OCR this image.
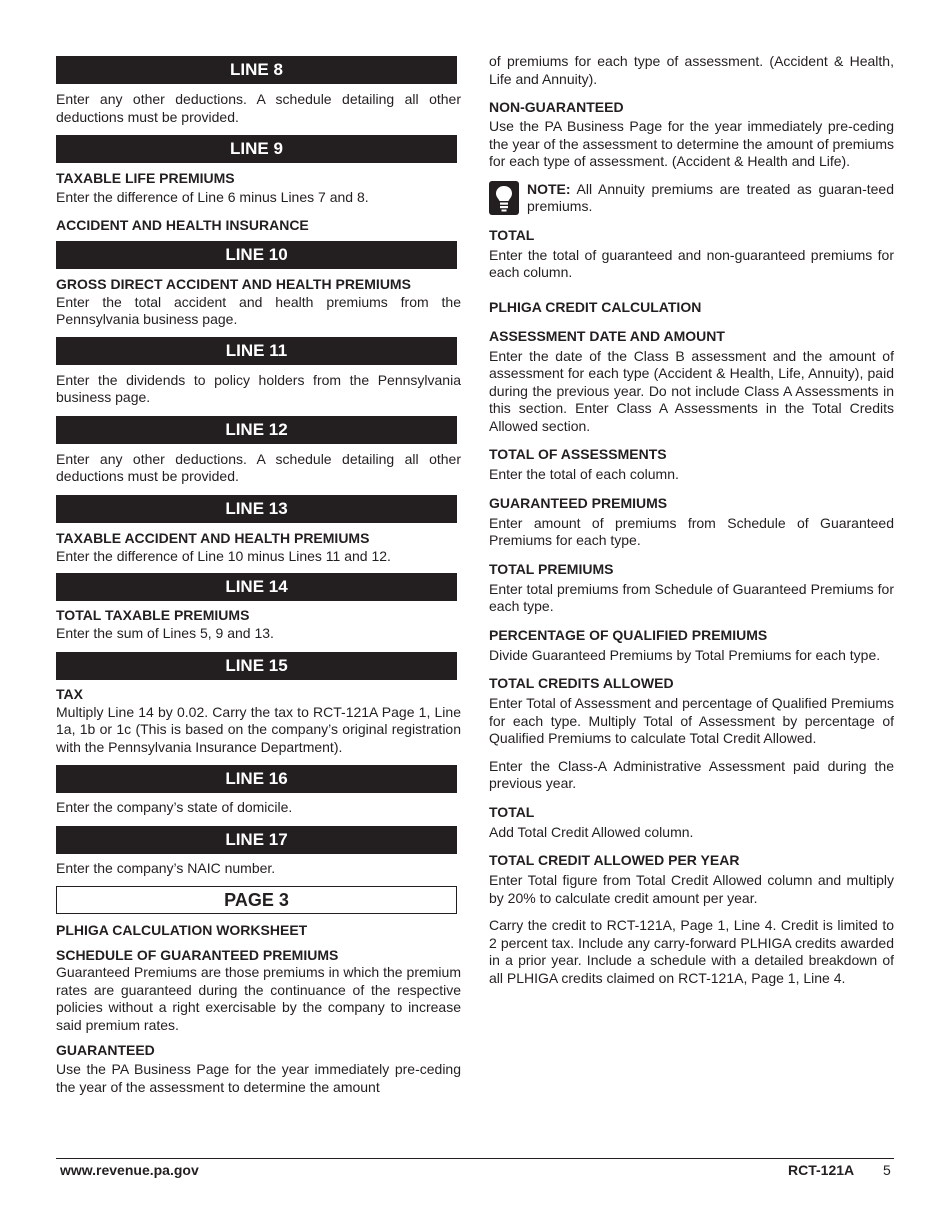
LINE 8

Enter any other deductions. A schedule detailing all other deductions must be provided.

LINE 9

TAXABLE LIFE PREMIUMS

Enter the difference of Line 6 minus Lines 7 and 8.

ACCIDENT AND HEALTH INSURANCE

LINE 10

GROSS DIRECT ACCIDENT AND HEALTH PREMIUMS

Enter the total accident and health premiums from the Pennsylvania business page.

LINE 11

Enter the dividends to policy holders from the Pennsylvania business page.

LINE 12

Enter any other deductions. A schedule detailing all other deductions must be provided.

LINE 13

TAXABLE ACCIDENT AND HEALTH PREMIUMS

Enter the difference of Line 10 minus Lines 11 and 12.

LINE 14

TOTAL TAXABLE PREMIUMS

Enter the sum of Lines 5, 9 and 13.

LINE 15

TAX

Multiply Line 14 by 0.02. Carry the tax to RCT-121A Page 1, Line 1a, 1b or 1c (This is based on the company’s original registration with the Pennsylvania Insurance Department).

LINE 16

Enter the company’s state of domicile.

LINE 17

Enter the company’s NAIC number.

PAGE 3

PLHIGA CALCULATION WORKSHEET

SCHEDULE OF GUARANTEED PREMIUMS

Guaranteed Premiums are those premiums in which the premium rates are guaranteed during the continuance of the respective policies without a right exercisable by the company to increase said premium rates.

GUARANTEED

Use the PA Business Page for the year immediately pre-ceding the year of the assessment to determine the amount

of premiums for each type of assessment. (Accident & Health, Life and Annuity).

NON-GUARANTEED

Use the PA Business Page for the year immediately pre-ceding the year of the assessment to determine the amount of premiums for each type of assessment. (Accident & Health and Life).

NOTE: All Annuity premiums are treated as guaran-teed premiums.

TOTAL

Enter the total of guaranteed and non-guaranteed premiums for each column.

PLHIGA CREDIT CALCULATION

ASSESSMENT DATE AND AMOUNT

Enter the date of the Class B assessment and the amount of assessment for each type (Accident & Health, Life, Annuity), paid during the previous year. Do not include Class A Assessments in this section. Enter Class A Assessments in the Total Credits Allowed section.

TOTAL OF ASSESSMENTS

Enter the total of each column.

GUARANTEED PREMIUMS

Enter amount of premiums from Schedule of Guaranteed Premiums for each type.

TOTAL PREMIUMS

Enter total premiums from Schedule of Guaranteed Premiums for each type.

PERCENTAGE OF QUALIFIED PREMIUMS

Divide Guaranteed Premiums by Total Premiums for each type.

TOTAL CREDITS ALLOWED

Enter Total of Assessment and percentage of Qualified Premiums for each type. Multiply Total of Assessment by percentage of Qualified Premiums to calculate Total Credit Allowed.

Enter the Class-A Administrative Assessment paid during the previous year.

TOTAL

Add Total Credit Allowed column.

TOTAL CREDIT ALLOWED PER YEAR

Enter Total figure from Total Credit Allowed column and multiply by 20% to calculate credit amount per year.

Carry the credit to RCT-121A, Page 1, Line 4. Credit is limited to 2 percent tax. Include any carry-forward PLHIGA credits awarded in a prior year. Include a schedule with a detailed breakdown of all PLHIGA credits claimed on RCT-121A, Page 1, Line 4.

www.revenue.pa.gov	RCT-121A 5
